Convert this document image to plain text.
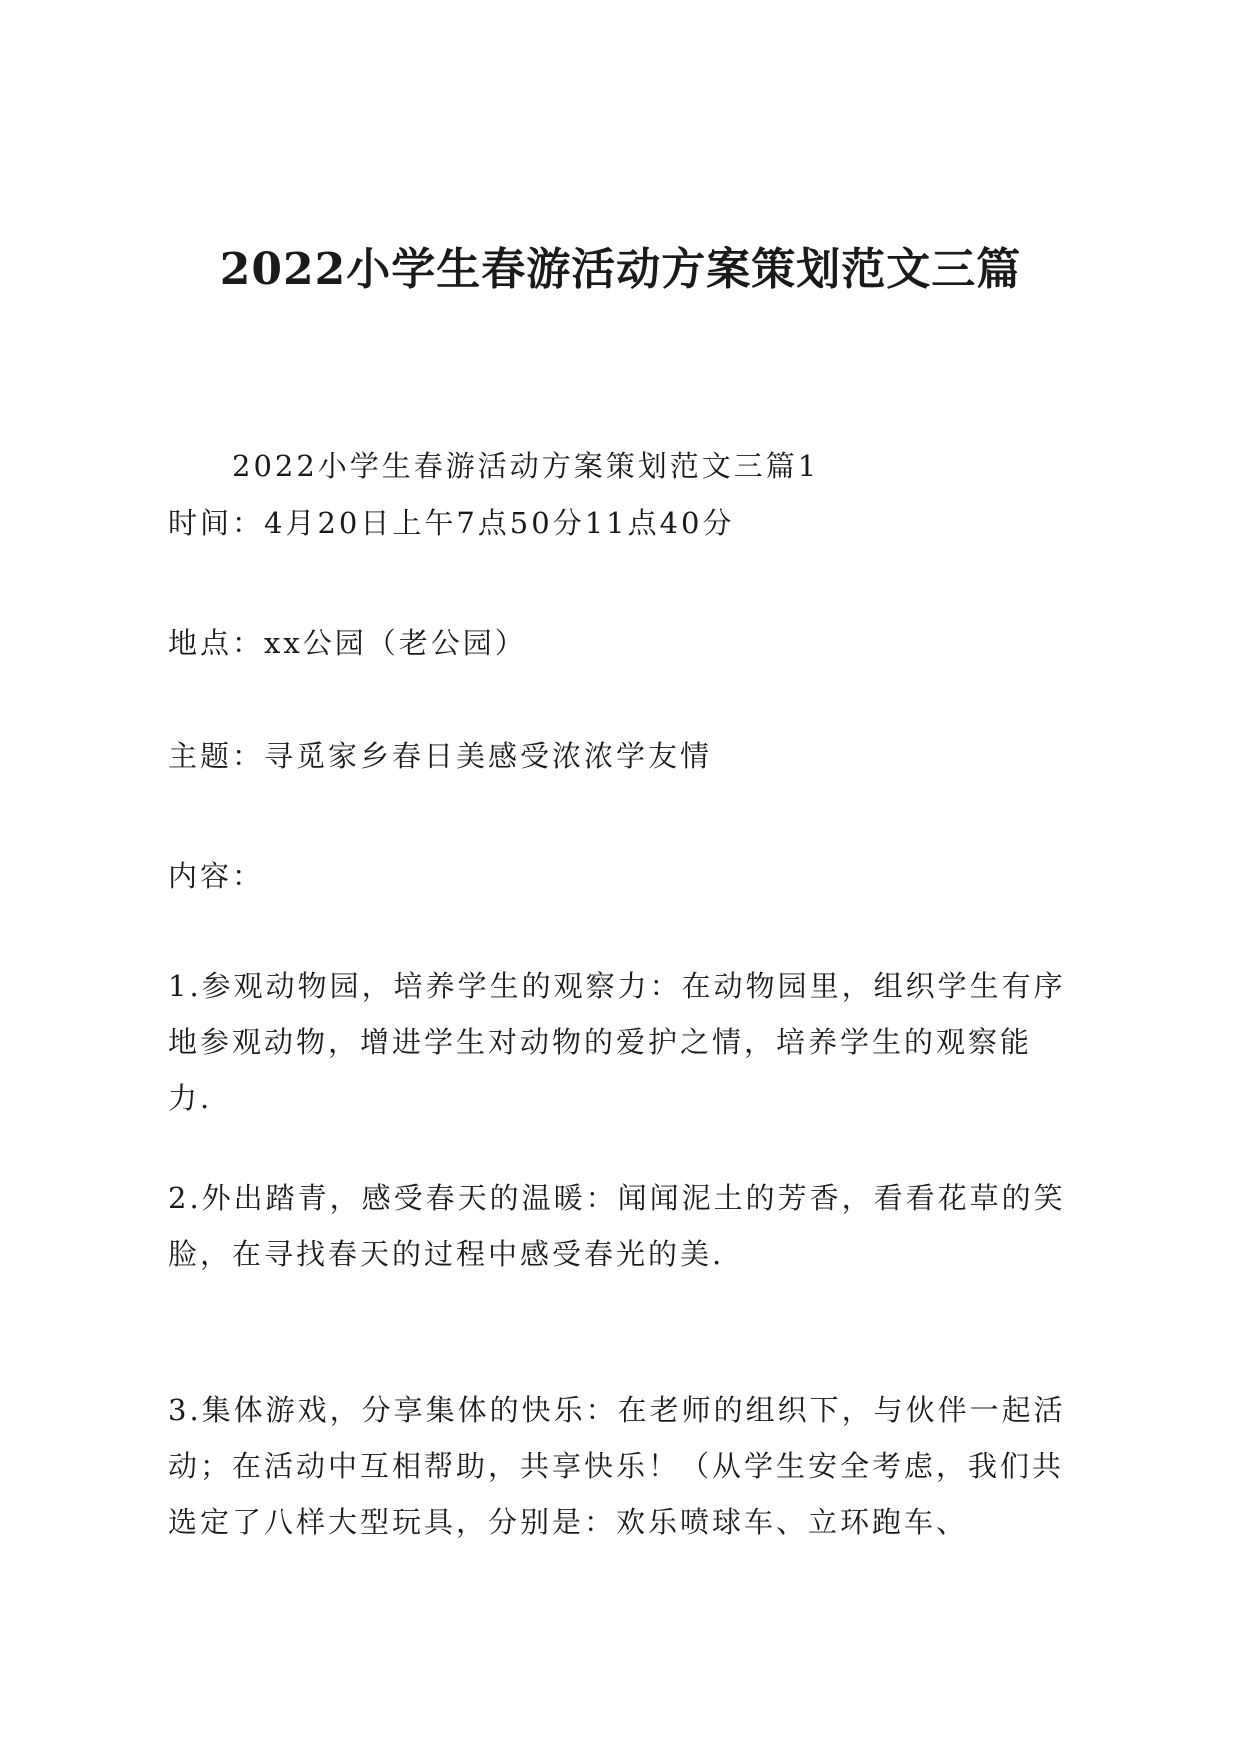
2022小学生春游活动方案策划范文三篇

2022小学生春游活动方案策划范文三篇1

时间：4月20日上午7点50分11点40分

地点：xx公园（老公园）

主题：寻觅家乡春日美感受浓浓学友情

内容：

1.参观动物园，培养学生的观察力：在动物园里，组织学生有序地参观动物，增进学生对动物的爱护之情，培养学生的观察能力.

2.外出踏青，感受春天的温暖：闻闻泥土的芳香，看看花草的笑脸，在寻找春天的过程中感受春光的美.

3.集体游戏，分享集体的快乐：在老师的组织下，与伙伴一起活动；在活动中互相帮助，共享快乐！（从学生安全考虑，我们共选定了八样大型玩具，分别是：欢乐喷球车、立环跑车、
